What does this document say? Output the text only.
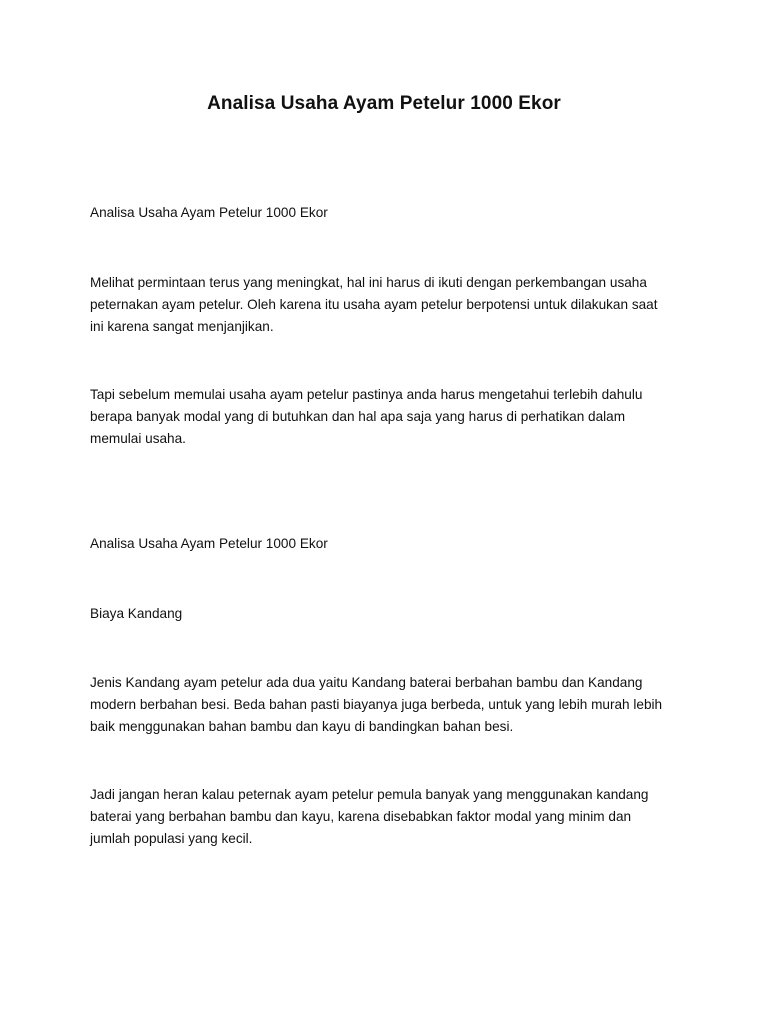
Analisa Usaha Ayam Petelur 1000 Ekor
Analisa Usaha Ayam Petelur 1000 Ekor
Melihat permintaan terus yang meningkat, hal ini harus di ikuti dengan perkembangan usaha
peternakan ayam petelur. Oleh karena itu usaha ayam petelur berpotensi untuk dilakukan saat
ini karena sangat menjanjikan.
Tapi sebelum memulai usaha ayam petelur pastinya anda harus mengetahui terlebih dahulu
berapa banyak modal yang di butuhkan dan hal apa saja yang harus di perhatikan dalam
memulai usaha.
Analisa Usaha Ayam Petelur 1000 Ekor
Biaya Kandang
Jenis Kandang ayam petelur ada dua yaitu Kandang baterai berbahan bambu dan Kandang
modern berbahan besi. Beda bahan pasti biayanya juga berbeda, untuk yang lebih murah lebih
baik menggunakan bahan bambu dan kayu di bandingkan bahan besi.
Jadi jangan heran kalau peternak ayam petelur pemula banyak yang menggunakan kandang
baterai yang berbahan bambu dan kayu, karena disebabkan faktor modal yang minim dan
jumlah populasi yang kecil.
